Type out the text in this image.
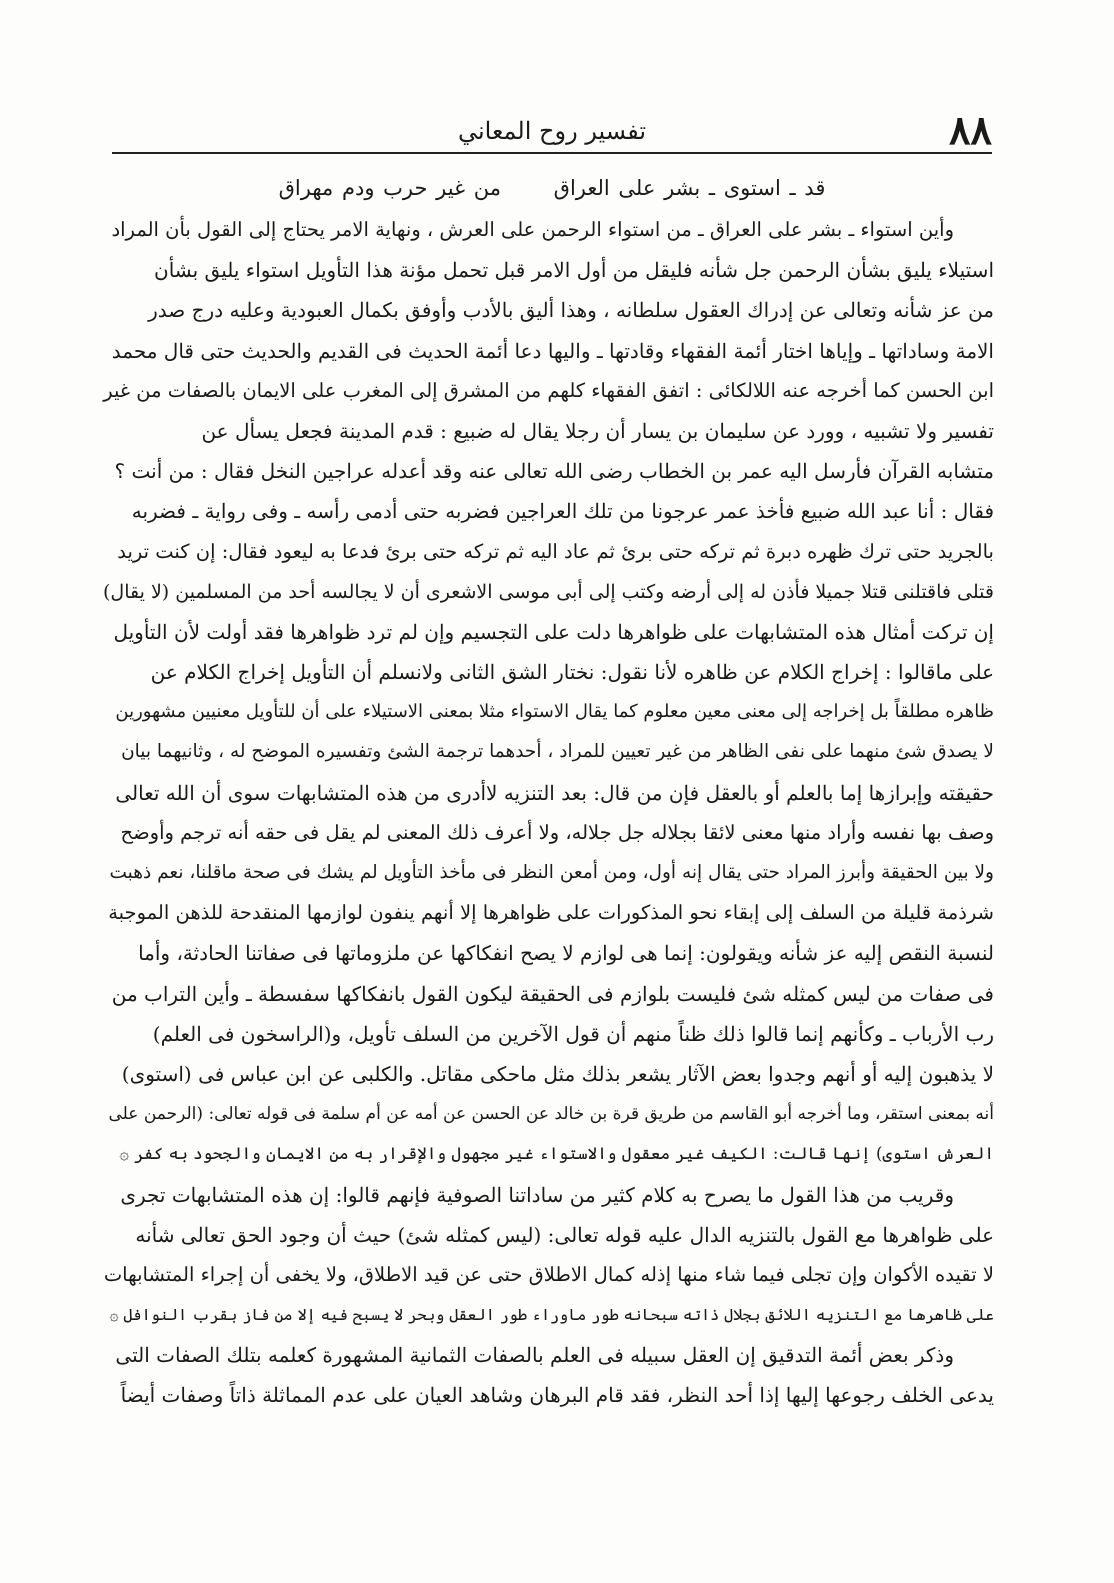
٨٨
تفسير روح المعاني
قد ـ استوى ـ بشر على العراق من غير حرب ودم مهراق
وأين استواء ـ بشر على العراق ـ من استواء الرحمن على العرش ، ونهاية الامر يحتاج إلى القول بأن المراد
استيلاء يليق بشأن الرحمن جل شأنه فليقل من أول الامر قبل تحمل مؤنة هذا التأويل استواء يليق بشأن
من عز شأنه وتعالى عن إدراك العقول سلطانه ، وهذا أليق بالأدب وأوفق بكمال العبودية وعليه درج صدر
الامة وساداتها ـ وإياها اختار أئمة الفقهاء وقادتها ـ واليها دعا أئمة الحديث فى القديم والحديث حتى قال محمد
ابن الحسن كما أخرجه عنه اللالكائى : اتفق الفقهاء كلهم من المشرق إلى المغرب على الايمان بالصفات من غير
تفسير ولا تشبيه ، وورد عن سليمان بن يسار أن رجلا يقال له ضبيع : قدم المدينة فجعل يسأل عن
متشابه القرآن فأرسل اليه عمر بن الخطاب رضى الله تعالى عنه وقد أعدله عراجين النخل فقال : من أنت ؟
فقال : أنا عبد الله ضبيع فأخذ عمر عرجونا من تلك العراجين فضربه حتى أدمى رأسه ـ وفى رواية ـ فضربه
بالجريد حتى ترك ظهره دبرة ثم تركه حتى برئ ثم عاد اليه ثم تركه حتى برئ فدعا به ليعود فقال: إن كنت تريد
قتلى فاقتلنى قتلا جميلا فأذن له إلى أرضه وكتب إلى أبى موسى الاشعرى أن لا يجالسه أحد من المسلمين (لا يقال)
إن تركت أمثال هذه المتشابهات على ظواهرها دلت على التجسيم وإن لم ترد ظواهرها فقد أولت لأن التأويل
على ماقالوا : إخراج الكلام عن ظاهره لأنا نقول: نختار الشق الثانى ولانسلم أن التأويل إخراج الكلام عن
ظاهره مطلقاً بل إخراجه إلى معنى معين معلوم كما يقال الاستواء مثلا بمعنى الاستيلاء على أن للتأويل معنيين مشهورين
لا يصدق شئ منهما على نفى الظاهر من غير تعيين للمراد ، أحدهما ترجمة الشئ وتفسيره الموضح له ، وثانيهما بيان
حقيقته وإبرازها إما بالعلم أو بالعقل فإن من قال: بعد التنزيه لاأدرى من هذه المتشابهات سوى أن الله تعالى
وصف بها نفسه وأراد منها معنى لائقا بجلاله جل جلاله، ولا أعرف ذلك المعنى لم يقل فى حقه أنه ترجم وأوضح
ولا بين الحقيقة وأبرز المراد حتى يقال إنه أول، ومن أمعن النظر فى مأخذ التأويل لم يشك فى صحة ماقلنا، نعم ذهبت
شرذمة قليلة من السلف إلى إبقاء نحو المذكورات على ظواهرها إلا أنهم ينفون لوازمها المنقدحة للذهن الموجبة
لنسبة النقص إليه عز شأنه ويقولون: إنما هى لوازم لا يصح انفكاكها عن ملزوماتها فى صفاتنا الحادثة، وأما
فى صفات من ليس كمثله شئ فليست بلوازم فى الحقيقة ليكون القول بانفكاكها سفسطة ـ وأين التراب من
رب الأرباب ـ وكأنهم إنما قالوا ذلك ظناً منهم أن قول الآخرين من السلف تأويل، و(الراسخون فى العلم)
لا يذهبون إليه أو أنهم وجدوا بعض الآثار يشعر بذلك مثل ماحكى مقاتل. والكلبى عن ابن عباس فى (استوى)
أنه بمعنى استقر، وما أخرجه أبو القاسم من طريق قرة بن خالد عن الحسن عن أمه عن أم سلمة فى قوله تعالى: (الرحمن على
العرش استوى) إنها قالت: الكيف غير معقول والاستواء غير مجهول والإقرار به من الايمان والجحود به كفر ۞
وقريب من هذا القول ما يصرح به كلام كثير من ساداتنا الصوفية فإنهم قالوا: إن هذه المتشابهات تجرى
على ظواهرها مع القول بالتنزيه الدال عليه قوله تعالى: (ليس كمثله شئ) حيث أن وجود الحق تعالى شأنه
لا تقيده الأكوان وإن تجلى فيما شاء منها إذله كمال الاطلاق حتى عن قيد الاطلاق، ولا يخفى أن إجراء المتشابهات
على ظاهرها مع التنزيه اللائق بجلال ذاته سبحانه طور ماوراء طور العقل وبحر لا يسبح فيه إلا من فاز بقرب النوافل ۞
وذكر بعض أئمة التدقيق إن العقل سبيله فى العلم بالصفات الثمانية المشهورة كعلمه بتلك الصفات التى
يدعى الخلف رجوعها إليها إذا أحد النظر، فقد قام البرهان وشاهد العيان على عدم المماثلة ذاتاً وصفات أيضاً
